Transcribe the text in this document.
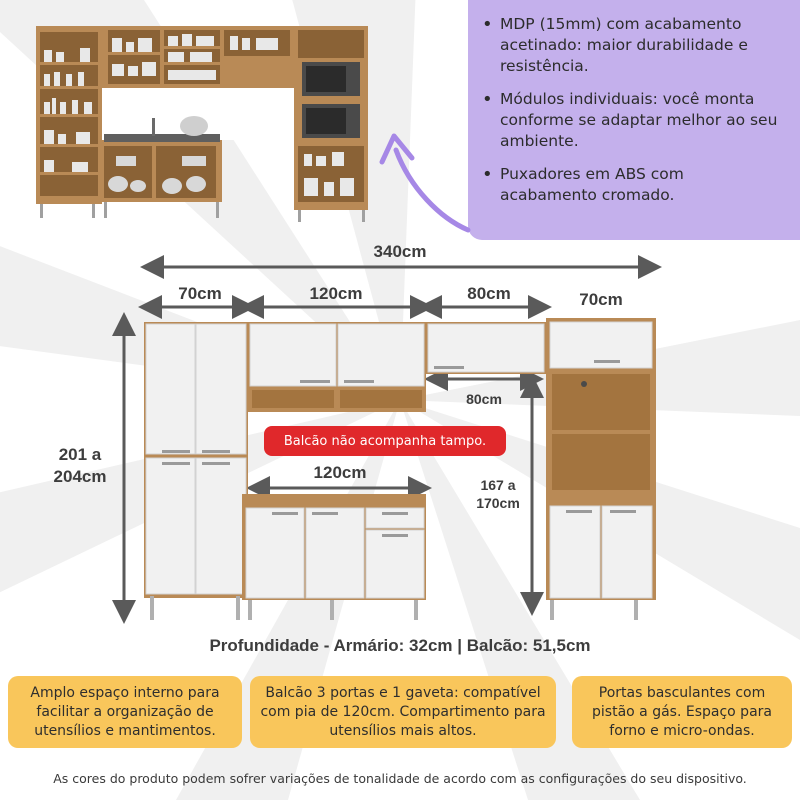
• MDP (15mm) com acabamento acetinado: maior durabilidade e resistência.
• Módulos individuais: você monta conforme se adaptar melhor ao seu ambiente.
• Puxadores em ABS com acabamento cromado.
340cm
70cm	120cm	80cm	70cm
80cm
120cm
201 a
204cm	167 a
170cm
Balcão não acompanha tampo.
Profundidade - Armário: 32cm | Balcão: 51,5cm
Amplo espaço interno para facilitar a organização de utensílios e mantimentos.
Balcão 3 portas e 1 gaveta: compatível com pia de 120cm. Compartimento para utensílios mais altos.
Portas basculantes com pistão a gás. Espaço para forno e micro-ondas.
As cores do produto podem sofrer variações de tonalidade de acordo com as configurações do seu dispositivo.
